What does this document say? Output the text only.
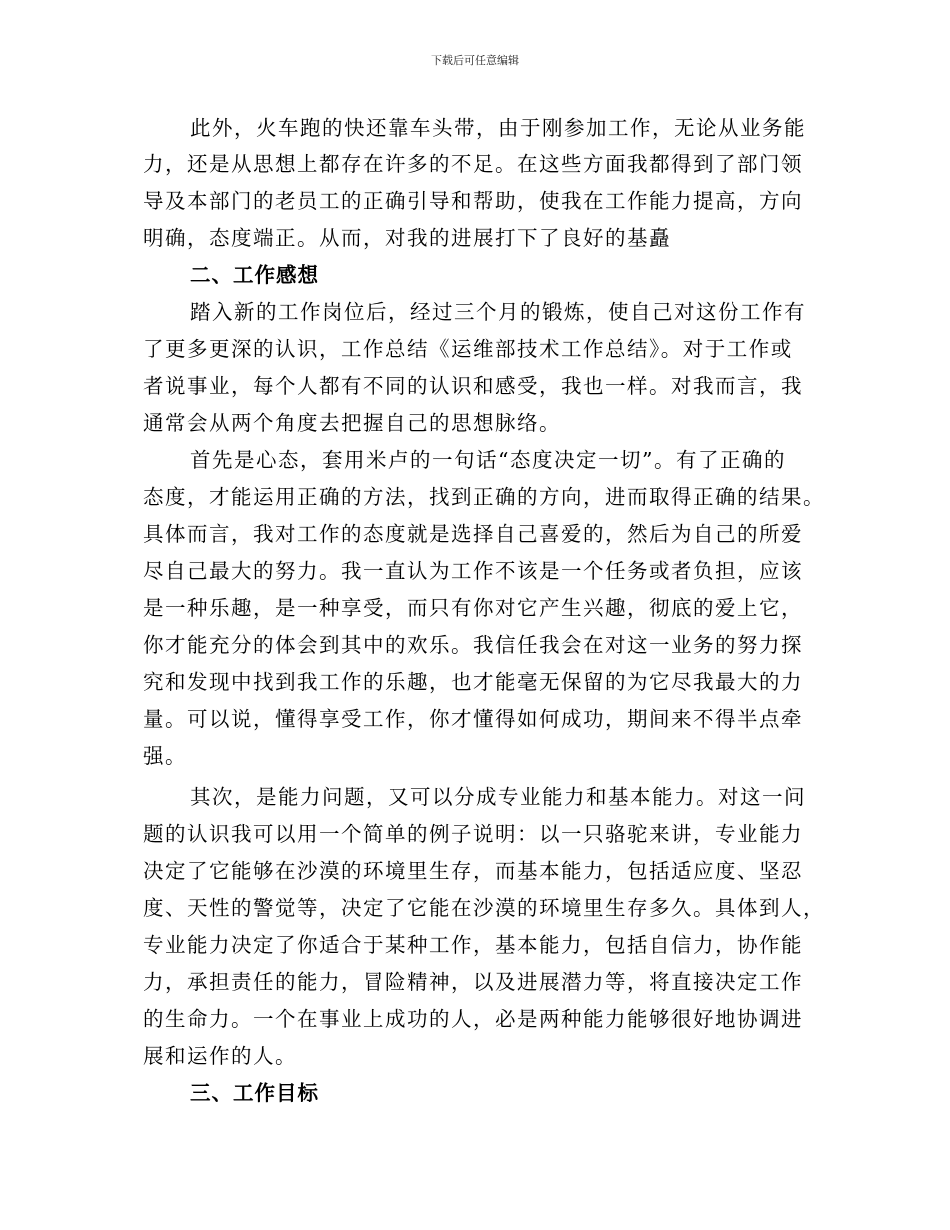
下载后可任意编辑
此外，火车跑的快还靠车头带，由于刚参加工作，无论从业务能
力，还是从思想上都存在许多的不足。在这些方面我都得到了部门领
导及本部门的老员工的正确引导和帮助，使我在工作能力提高，方向
明确，态度端正。从而，对我的进展打下了良好的基矗
二、工作感想
踏入新的工作岗位后，经过三个月的锻炼，使自己对这份工作有
了更多更深的认识，工作总结《运维部技术工作总结》。对于工作或
者说事业，每个人都有不同的认识和感受，我也一样。对我而言，我
通常会从两个角度去把握自己的思想脉络。
首先是心态，套用米卢的一句话“态度决定一切”。有了正确的
态度，才能运用正确的方法，找到正确的方向，进而取得正确的结果。
具体而言，我对工作的态度就是选择自己喜爱的，然后为自己的所爱
尽自己最大的努力。我一直认为工作不该是一个任务或者负担，应该
是一种乐趣，是一种享受，而只有你对它产生兴趣，彻底的爱上它，
你才能充分的体会到其中的欢乐。我信任我会在对这一业务的努力探
究和发现中找到我工作的乐趣，也才能毫无保留的为它尽我最大的力
量。可以说，懂得享受工作，你才懂得如何成功，期间来不得半点牵
强。
其次，是能力问题，又可以分成专业能力和基本能力。对这一问
题的认识我可以用一个简单的例子说明：以一只骆驼来讲，专业能力
决定了它能够在沙漠的环境里生存，而基本能力，包括适应度、坚忍
度、天性的警觉等，决定了它能在沙漠的环境里生存多久。具体到人，
专业能力决定了你适合于某种工作，基本能力，包括自信力，协作能
力，承担责任的能力，冒险精神，以及进展潜力等，将直接决定工作
的生命力。一个在事业上成功的人，必是两种能力能够很好地协调进
展和运作的人。
三、工作目标
